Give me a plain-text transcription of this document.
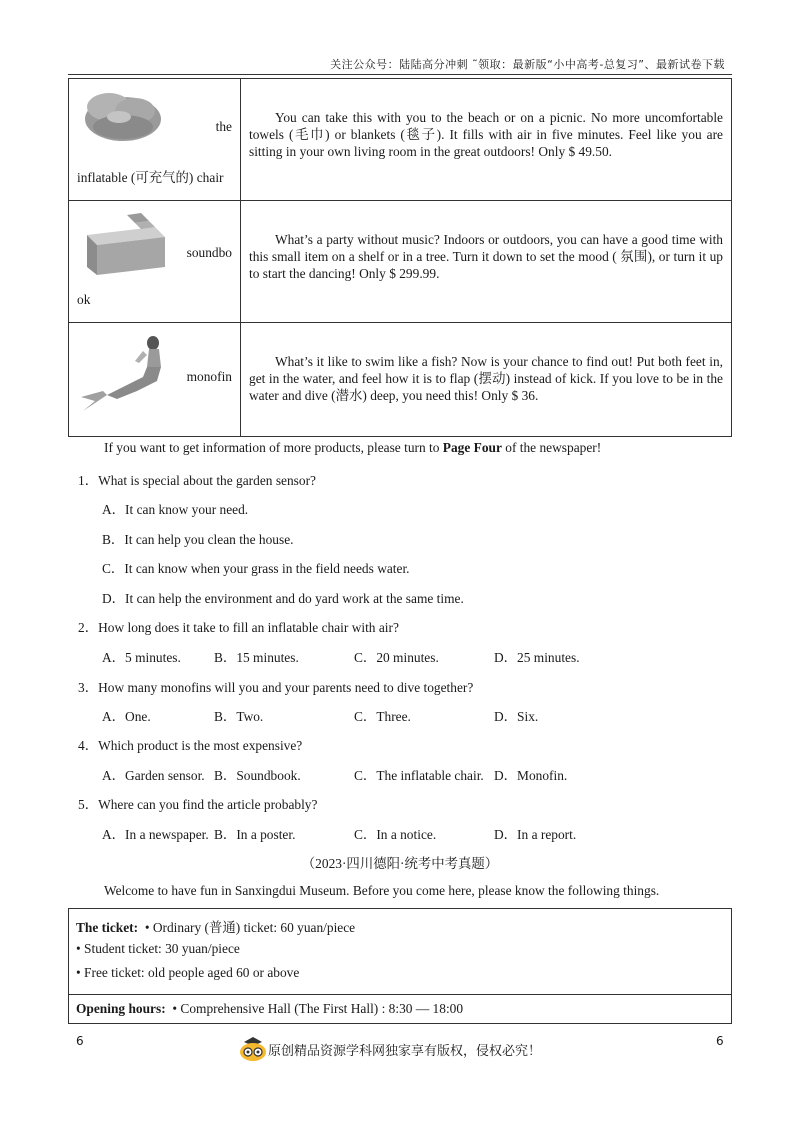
关注公众号：陆陆高分冲刺 ˜领取：最新版“小中高考-总复习”、最新试卷下载
the
inflatable (可充气的) chair	You can take this with you to the beach or on a picnic. No more uncomfortable towels (毛巾) or blankets (毯子). It fills with air in five minutes. Feel like you are sitting in your own living room in the great outdoors! Only $ 49.50.

soundbo
ok	What’s a party without music? Indoors or outdoors, you can have a good time with this small item on a shelf or in a tree. Turn it down to set the mood ( 氛围), or turn it up to start the dancing! Only $ 299.99.

monofin	What’s it like to swim like a fish? Now is your chance to find out! Put both feet in, get in the water, and feel how it is to flap (摆动) instead of kick. If you love to be in the water and dive (潜水) deep, you need this! Only $ 36.
If you want to get information of more products, please turn to Page Four of the newspaper!
1．What is special about the garden sensor?
A．It can know your need.
B．It can help you clean the house.
C．It can know when your grass in the field needs water.
D．It can help the environment and do yard work at the same time.
2．How long does it take to fill an inflatable chair with air?
A．5 minutes. B．15 minutes.	C．20 minutes.	D．25 minutes.
3．How many monofins will you and your parents need to dive together?
A．One.	B．Two.	C．Three.	D．Six.
4．Which product is the most expensive?
A．Garden sensor. B．Soundbook.	C．The inflatable chair. D．Monofin.
5．Where can you find the article probably?
A．In a newspaper. B．In a poster.	C．In a notice.	D．In a report.
（2023·四川德阳·统考中考真题）
Welcome to have fun in Sanxingdui Museum. Before you come here, please know the following things.
The ticket: • Ordinary (普通) ticket: 60 yuan/piece
• Student ticket: 30 yuan/piece
• Free ticket: old people aged 60 or above
Opening hours: • Comprehensive Hall (The First Hall) : 8:30 — 18:00
6	6
原创精品资源学科网独家享有版权，侵权必究！
